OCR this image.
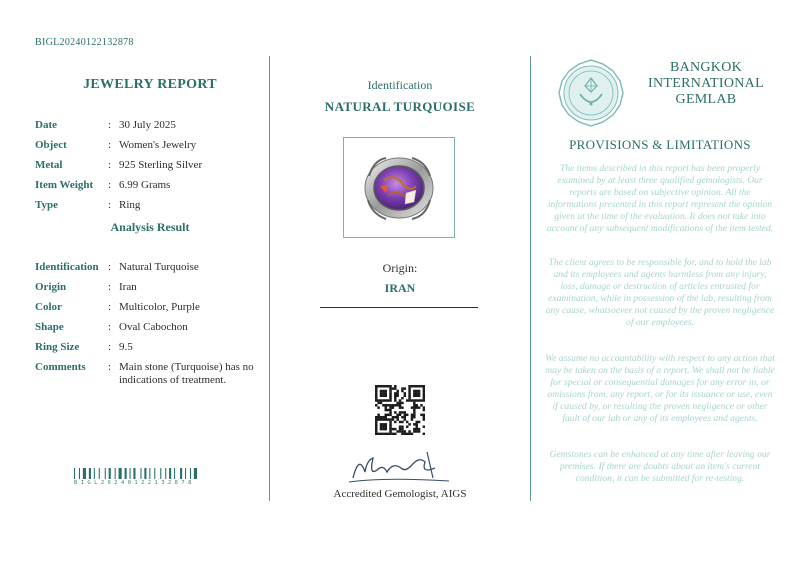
BIGL20240122132878
JEWELRY REPORT
Date	: 30 July 2025
Object	: Women's Jewelry
Metal	: 925 Sterling Silver
Item Weight : 6.99 Grams
Type	: Ring
Analysis Result
Identification : Natural Turquoise
Origin	: Iran
Color	: Multicolor, Purple
Shape	: Oval Cabochon
Ring Size	: 9.5
Comments : Main stone (Turquoise) has no indications of treatment.
BIGL20240122132878
Identification
NATURAL TURQUOISE
Origin:
IRAN
Accredited Gemologist, AIGS
BANGKOK
INTERNATIONAL
GEMLAB
PROVISIONS & LIMITATIONS
The items described in this report has been properly examined by at least three qualified gemologists. Our reports are based on subjective opinion. All the informations presented in this report represent the opinion given at the time of the evaluation. It does not take into account of any subsequent modifications of the item tested.
The client agrees to be responsible for, and to hold the lab and its employees and agents harmless from any injury, loss, damage or destruction of articles entrusted for examination, while in possession of the lab, resulting from any cause, whatsoever not caused by the proven negligence of our employees.
We assume no accountability with respect to any action that may be taken on the basis of a report. We shall not be liable for special or consequential damages for any error in, or omissions from, any report, or for its issuance or use, even if caused by, or resulting the proven negligence or other fault of our lab or any of its employees and agents.
Gemstones can be enhanced at any time after leaving our premises. If there are doubts about an item's current condition, it can be submitted for re-testing.
